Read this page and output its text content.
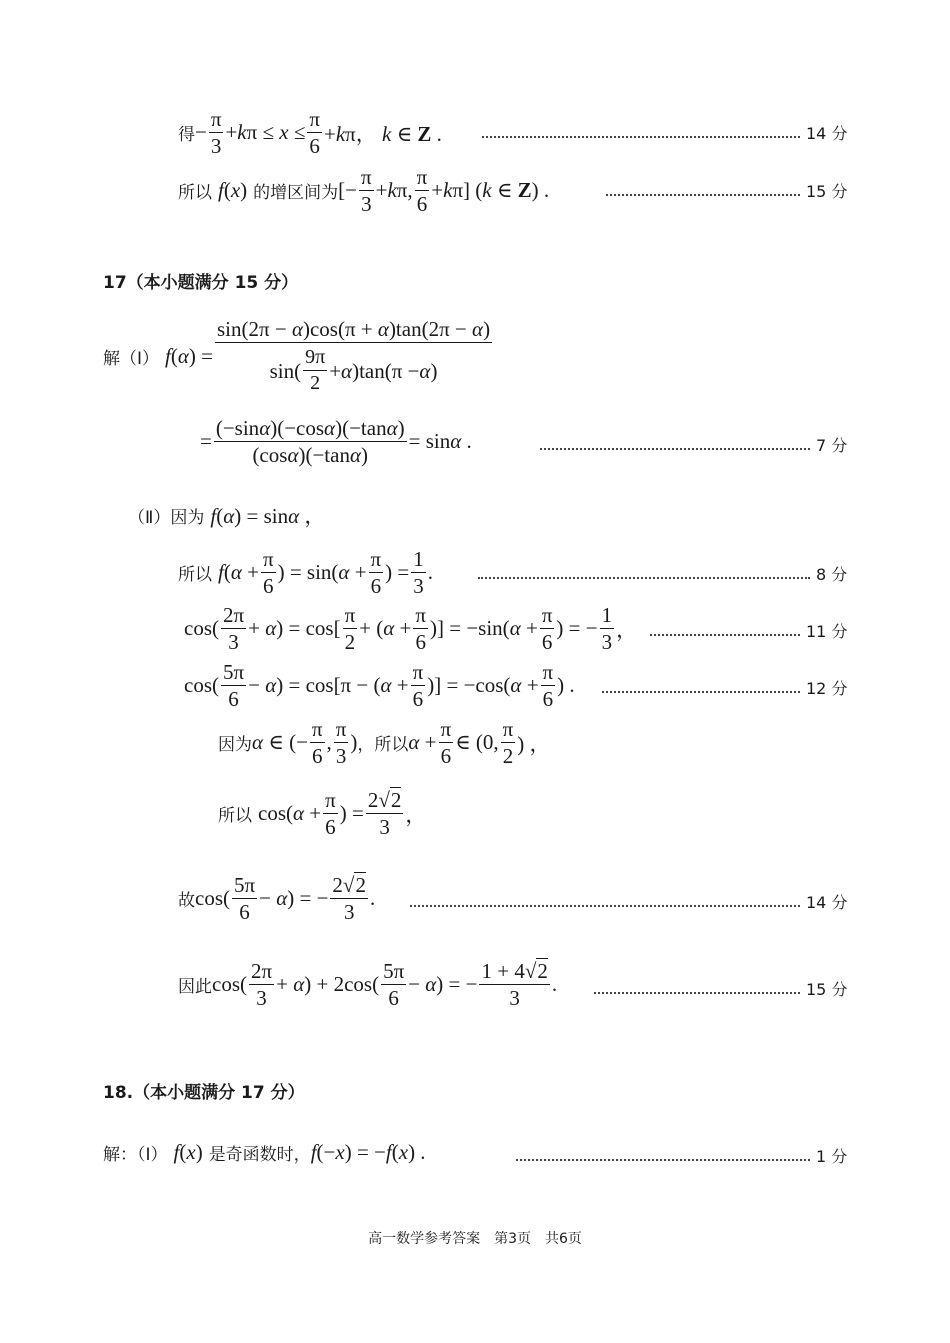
得 − $\frac{\pi}{3} +k\pi \le x \le \frac{\pi}{6} +k\pi$， k ∈ Z .	14 分
所以 f(x) 的增区间为 [− $\frac{\pi}{3} +k\pi$, $\frac{\pi}{6} +k\pi$] (k ∈ Z) .	15 分
17（本小题满分 15 分）
解（Ⅰ） $f(\alpha) = \frac{\sin(2\pi - \alpha)\cos(\pi + \alpha)\tan(2\pi - \alpha)}{\sin( \frac{9\pi}{2} + \alpha )\tan(\pi - \alpha )}$
= $\frac{(-\sin\alpha)(-\cos\alpha)(-\tan\alpha)}{(\cos\alpha)(-\tan\alpha)} = \sin\alpha$ .	7 分
（Ⅱ）因为 f(α) = sinα ，
所以 $f(\alpha + \frac{\pi}{6}$ ) = $\sin(\alpha + \frac{\pi}{6}$ ) = $\frac{1}{3}$ .	8 分
$\cos( \frac{2\pi}{3} + \alpha) = \cos[ \frac{\pi}{2} + (\alpha + \frac{\pi}{6}$ )] = $-\sin(\alpha + \frac{\pi}{6}$ ) = − $\frac{1}{3}$ ，	11 分
$\cos( \frac{5\pi}{6} - \alpha) = \cos[\pi - (\alpha + \frac{\pi}{6}$ )] = $-\cos(\alpha + \frac{\pi}{6}$ ) .	12 分
因为 α ∈ (− $\frac{\pi}{6}$ , $\frac{\pi}{3}$ ) ，所以 $\alpha + \frac{\pi}{6}$ ∈ (0, $\frac{\pi}{2}$ ) ，
所以 $\cos(\alpha + \frac{\pi}{6}$ ) = $\frac{2√2}{3}$ ，
故 $\cos( \frac{5\pi}{6} - \alpha)$ = − $\frac{2√2}{3}$ .	14 分
因此 $\cos( \frac{2\pi}{3} + \alpha) + 2\cos( \frac{5\pi}{6} - \alpha)$ = − $\frac{1 + 4√2}{3}$ .	15 分
18.（本小题满分 17 分）
解：（Ⅰ） f(x) 是奇函数时， f(−x) = −f(x) .	1 分
高一数学参考答案　第3页　共6页
